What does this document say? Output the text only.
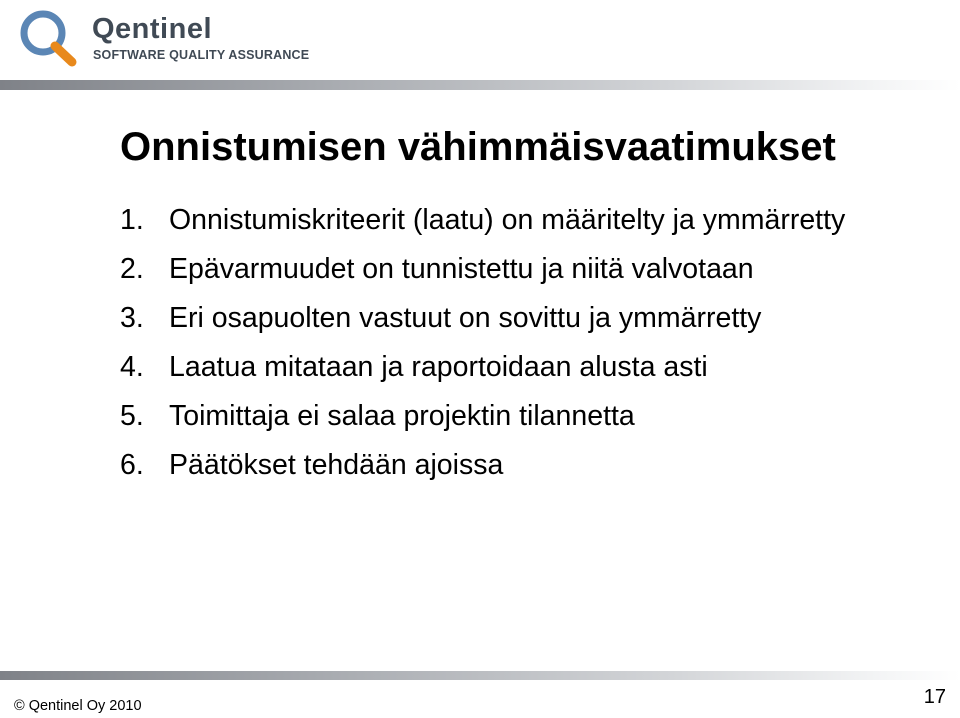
Qentinel
SOFTWARE QUALITY ASSURANCE
Onnistumisen vähimmäisvaatimukset
1. Onnistumiskriteerit (laatu) on määritelty ja ymmärretty
2. Epävarmuudet on tunnistettu ja niitä valvotaan
3. Eri osapuolten vastuut on sovittu ja ymmärretty
4. Laatua mitataan ja raportoidaan alusta asti
5. Toimittaja ei salaa projektin tilannetta
6. Päätökset tehdään ajoissa
© Qentinel Oy 2010	17
